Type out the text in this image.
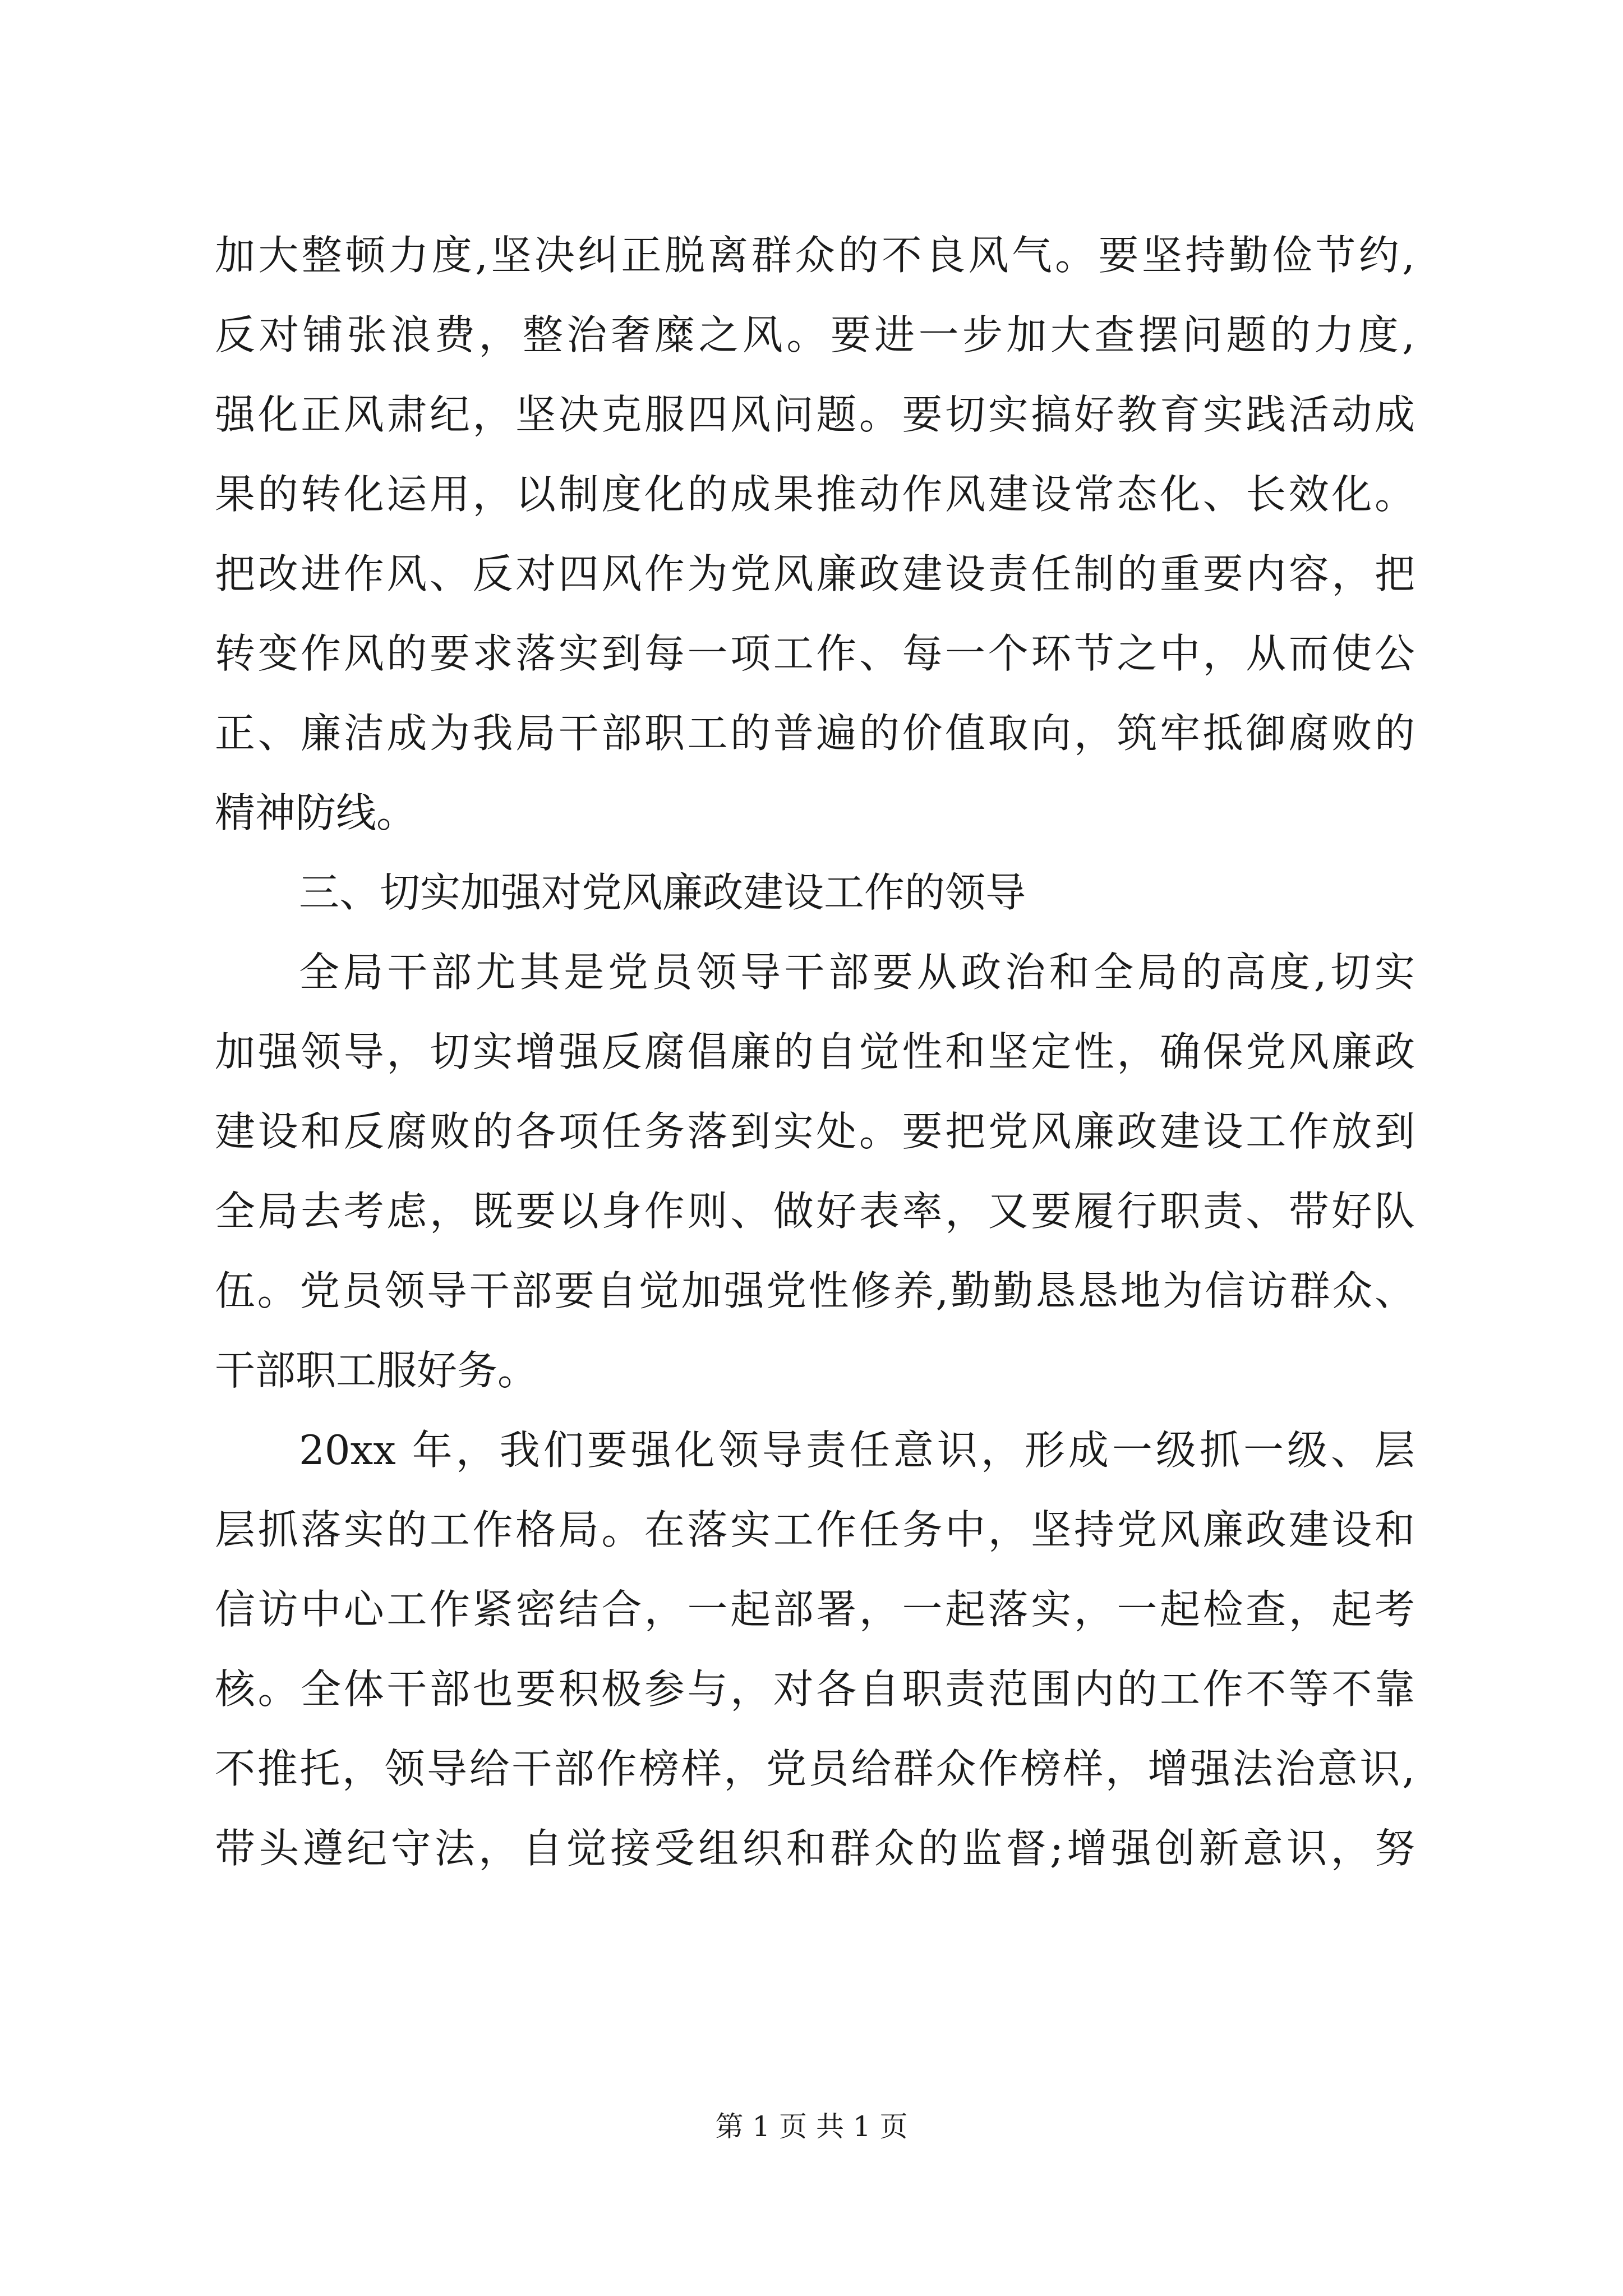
加大整顿力度,坚决纠正脱离群众的不良风气。要坚持勤俭节约,
反对铺张浪费，整治奢糜之风。要进一步加大查摆问题的力度,
强化正风肃纪，坚决克服四风问题。要切实搞好教育实践活动成
果的转化运用，以制度化的成果推动作风建设常态化、长效化。
把改进作风、反对四风作为党风廉政建设责任制的重要内容，把
转变作风的要求落实到每一项工作、每一个环节之中，从而使公
正、廉洁成为我局干部职工的普遍的价值取向，筑牢抵御腐败的
精神防线。
三、切实加强对党风廉政建设工作的领导
全局干部尤其是党员领导干部要从政治和全局的高度,切实
加强领导，切实增强反腐倡廉的自觉性和坚定性，确保党风廉政
建设和反腐败的各项任务落到实处。要把党风廉政建设工作放到
全局去考虑，既要以身作则、做好表率，又要履行职责、带好队
伍。党员领导干部要自觉加强党性修养,勤勤恳恳地为信访群众、
干部职工服好务。
20xx 年，我们要强化领导责任意识，形成一级抓一级、层
层抓落实的工作格局。在落实工作任务中，坚持党风廉政建设和
信访中心工作紧密结合，一起部署，一起落实，一起检查，起考
核。全体干部也要积极参与，对各自职责范围内的工作不等不靠
不推托，领导给干部作榜样，党员给群众作榜样，增强法治意识,
带头遵纪守法，自觉接受组织和群众的监督;增强创新意识，努
第 1 页 共 1 页
